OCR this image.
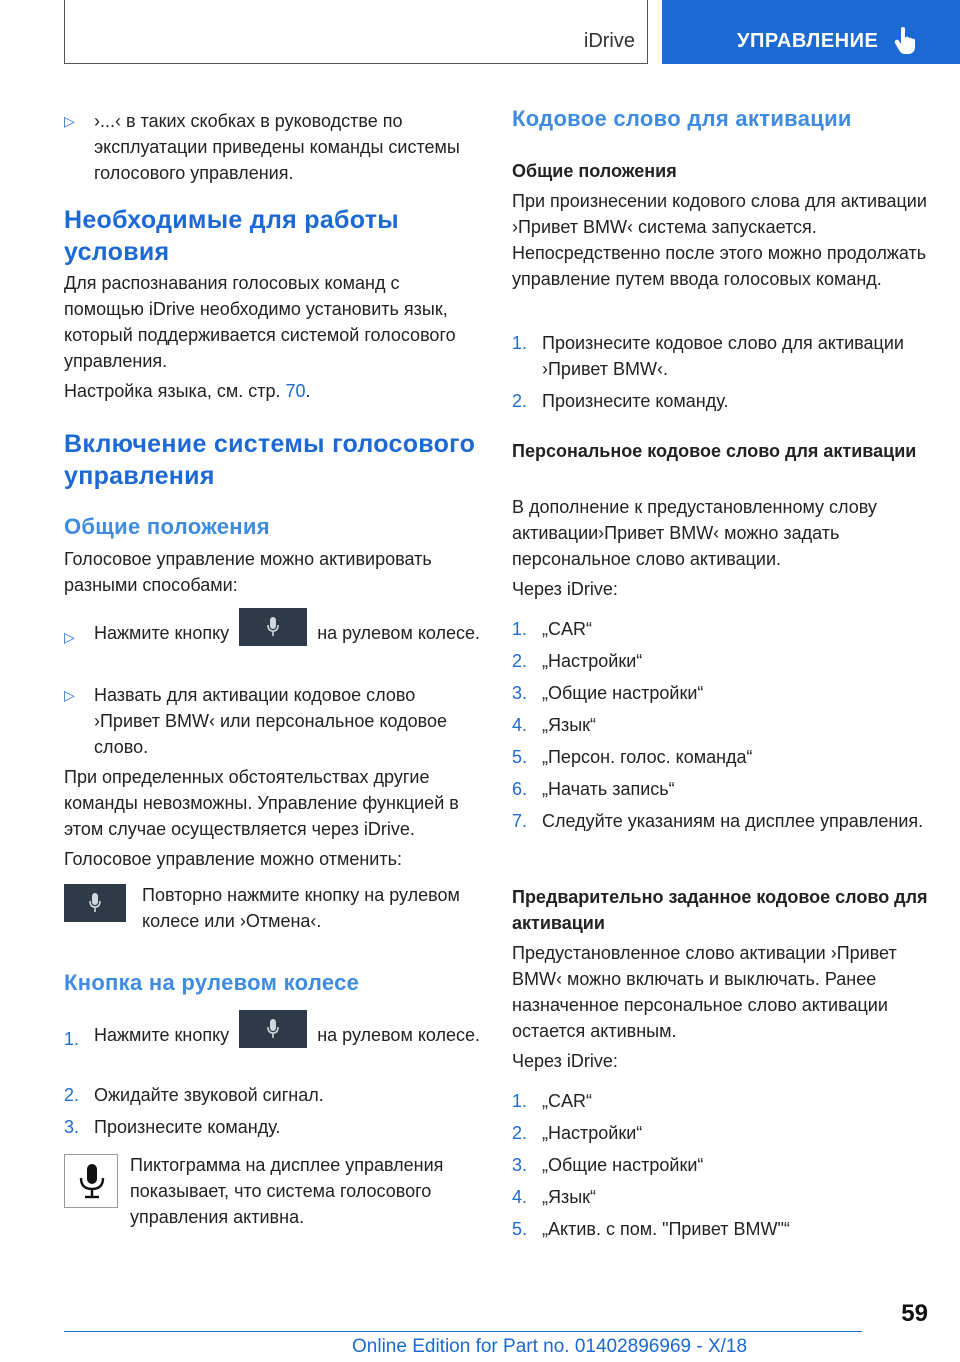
iDrive	УПРАВЛЕНИЕ
▷	›...‹ в таких скобках в руководстве по эксплуатации приведены команды системы голосового управления.

Необходимые для работы условия

Для распознавания голосовых команд с помощью iDrive необходимо установить язык, который поддерживается системой голосового управления.

Настройка языка, см. стр. 70.

Включение системы голосового управления
Общие положения

Голосовое управление можно активировать разными способами:

▷	Нажмите кнопку	на рулевом колесе.

▷	Назвать для активации кодовое слово ›Привет BMW‹ или персональное кодовое слово.

При определенных обстоятельствах другие команды невозможны. Управление функцией в этом случае осуществляется через iDrive.

Голосовое управление можно отменить:

Повторно нажмите кнопку на рулевом колесе или ›Отмена‹.

Кнопка на рулевом колесе
1. Нажмите кнопку	на рулевом колесе.

2. Ожидайте звуковой сигнал.

3. Произнесите команду.

Пиктограмма на дисплее управления показывает, что система голосового управления активна.

Кодовое слово для активации
Общие положения

При произнесении кодового слова для активации ›Привет BMW‹ система запускается. Непосредственно после этого можно продолжать управление путем ввода голосовых команд.

1. Произнесите кодовое слово для активации ›Привет BMW‹.

2. Произнесите команду.

Персональное кодовое слово для активации

В дополнение к предустановленному слову активации›Привет BMW‹ можно задать персональное слово активации.

Через iDrive:

1. „CAR“

2. „Настройки“

3. „Общие настройки“

4. „Язык“

5. „Персон. голос. команда“

6. „Начать запись“

7. Следуйте указаниям на дисплее управления.

Предварительно заданное кодовое слово для активации

Предустановленное слово активации ›Привет BMW‹ можно включать и выключать. Ранее назначенное персональное слово активации остается активным.

Через iDrive:

1. „CAR“

2. „Настройки“

3. „Общие настройки“

4. „Язык“

5. „Актив. с пом. "Привет BMW"“

59
Online Edition for Part no. 01402896969 - X/18
